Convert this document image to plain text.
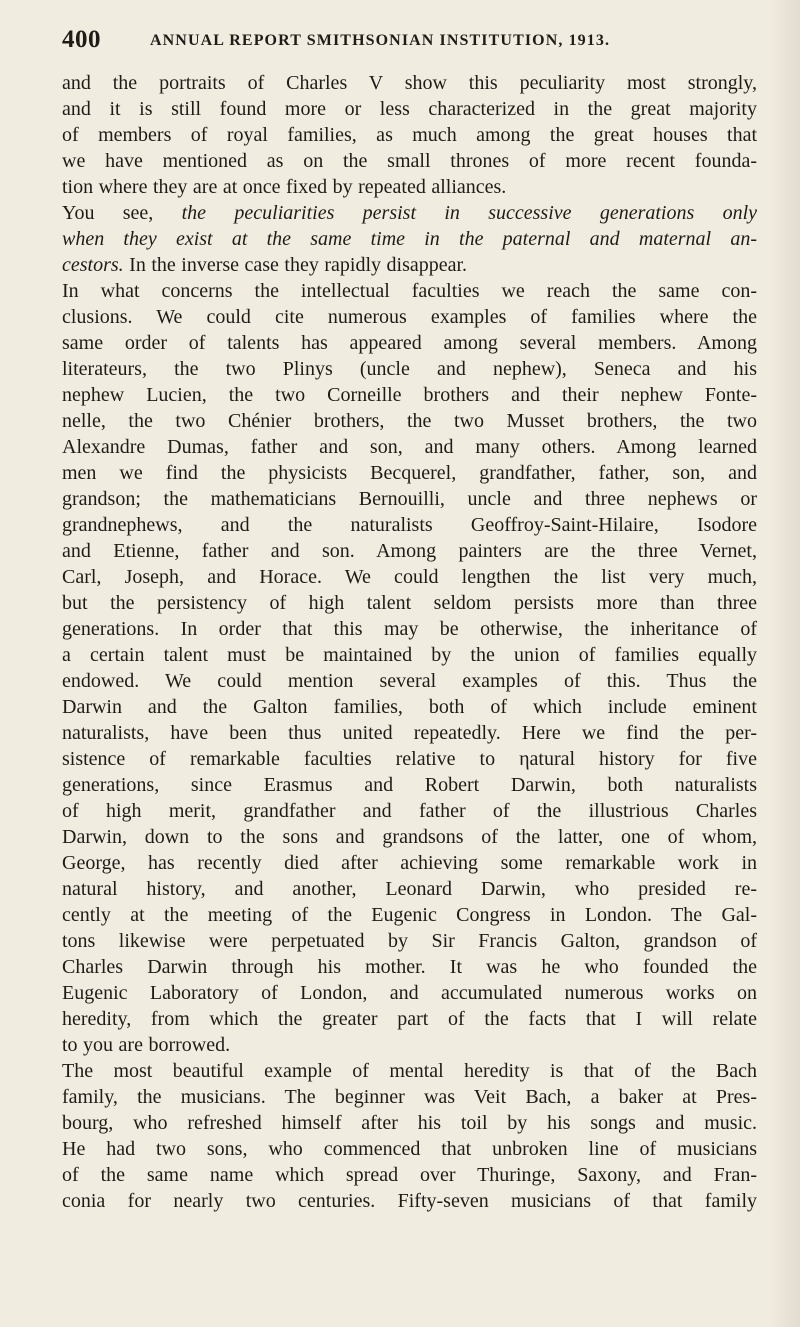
400	ANNUAL REPORT SMITHSONIAN INSTITUTION, 1913.
and the portraits of Charles V show this peculiarity most strongly,
and it is still found more or less characterized in the great majority
of members of royal families, as much among the great houses that
we have mentioned as on the small thrones of more recent founda-
tion where they are at once fixed by repeated alliances.
You see, the peculiarities persist in successive generations only
when they exist at the same time in the paternal and maternal an-
cestors. In the inverse case they rapidly disappear.
In what concerns the intellectual faculties we reach the same con-
clusions. We could cite numerous examples of families where the
same order of talents has appeared among several members. Among
literateurs, the two Plinys (uncle and nephew), Seneca and his
nephew Lucien, the two Corneille brothers and their nephew Fonte-
nelle, the two Chénier brothers, the two Musset brothers, the two
Alexandre Dumas, father and son, and many others. Among learned
men we find the physicists Becquerel, grandfather, father, son, and
grandson; the mathematicians Bernouilli, uncle and three nephews or
grandnephews, and the naturalists Geoffroy-Saint-Hilaire, Isodore
and Etienne, father and son. Among painters are the three Vernet,
Carl, Joseph, and Horace. We could lengthen the list very much,
but the persistency of high talent seldom persists more than three
generations. In order that this may be otherwise, the inheritance of
a certain talent must be maintained by the union of families equally
endowed. We could mention several examples of this. Thus the
Darwin and the Galton families, both of which include eminent
naturalists, have been thus united repeatedly. Here we find the per-
sistence of remarkable faculties relative to ηatural history for five
generations, since Erasmus and Robert Darwin, both naturalists
of high merit, grandfather and father of the illustrious Charles
Darwin, down to the sons and grandsons of the latter, one of whom,
George, has recently died after achieving some remarkable work in
natural history, and another, Leonard Darwin, who presided re-
cently at the meeting of the Eugenic Congress in London. The Gal-
tons likewise were perpetuated by Sir Francis Galton, grandson of
Charles Darwin through his mother. It was he who founded the
Eugenic Laboratory of London, and accumulated numerous works on
heredity, from which the greater part of the facts that I will relate
to you are borrowed.
The most beautiful example of mental heredity is that of the Bach
family, the musicians. The beginner was Veit Bach, a baker at Pres-
bourg, who refreshed himself after his toil by his songs and music.
He had two sons, who commenced that unbroken line of musicians
of the same name which spread over Thuringe, Saxony, and Fran-
conia for nearly two centuries. Fifty-seven musicians of that family
